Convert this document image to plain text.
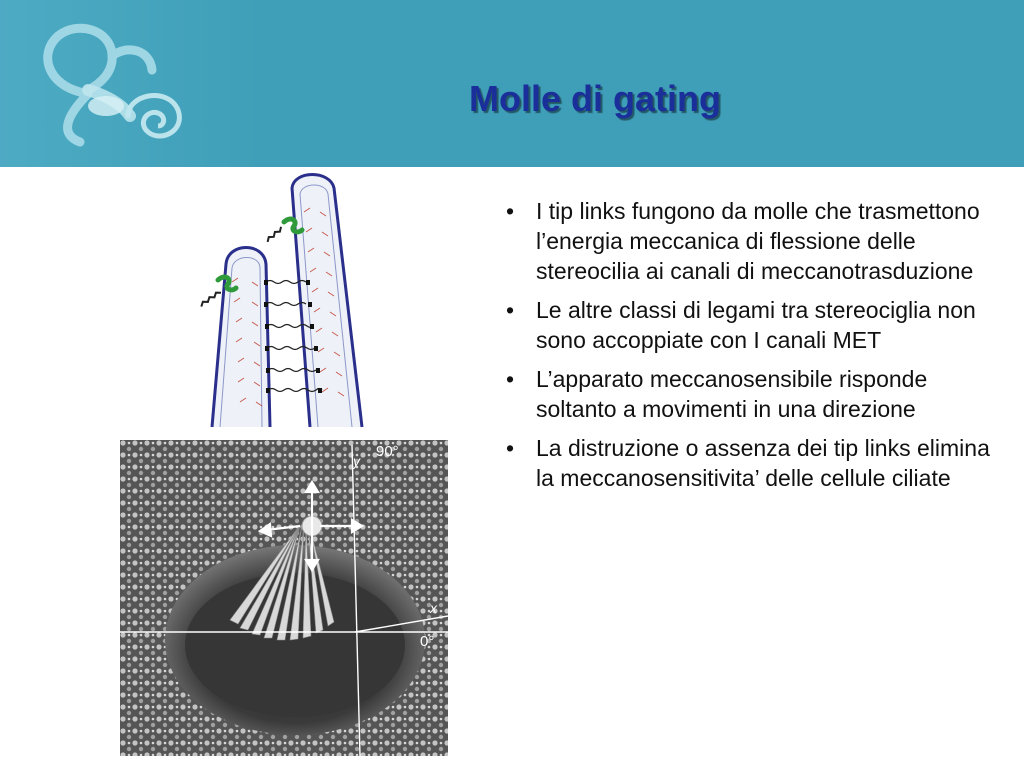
Molle di gating
90°
y
x
0°
• I tip links fungono da molle che trasmettono l’energia meccanica di flessione delle stereocilia ai canali di meccanotrasduzione
• Le altre classi di legami tra stereociglia non sono accoppiate con I canali MET
• L’apparato meccanosensibile risponde soltanto a movimenti in una direzione
• La distruzione o assenza dei tip links elimina la meccanosensitivita’ delle cellule ciliate
